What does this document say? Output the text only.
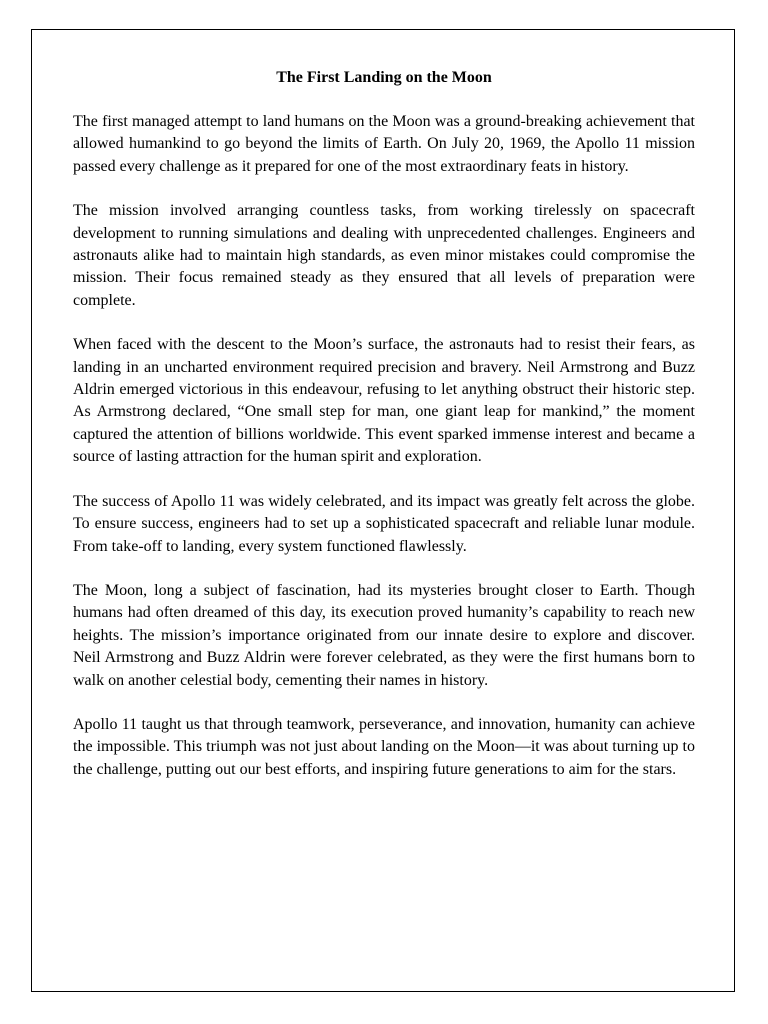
The First Landing on the Moon

The first managed attempt to land humans on the Moon was a ground-breaking achievement that allowed humankind to go beyond the limits of Earth. On July 20, 1969, the Apollo 11 mission passed every challenge as it prepared for one of the most extraordinary feats in history.

The mission involved arranging countless tasks, from working tirelessly on spacecraft development to running simulations and dealing with unprecedented challenges. Engineers and astronauts alike had to maintain high standards, as even minor mistakes could compromise the mission. Their focus remained steady as they ensured that all levels of preparation were complete.

When faced with the descent to the Moon’s surface, the astronauts had to resist their fears, as landing in an uncharted environment required precision and bravery. Neil Armstrong and Buzz Aldrin emerged victorious in this endeavour, refusing to let anything obstruct their historic step. As Armstrong declared, “One small step for man, one giant leap for mankind,” the moment captured the attention of billions worldwide. This event sparked immense interest and became a source of lasting attraction for the human spirit and exploration.

The success of Apollo 11 was widely celebrated, and its impact was greatly felt across the globe. To ensure success, engineers had to set up a sophisticated spacecraft and reliable lunar module. From take-off to landing, every system functioned flawlessly.

The Moon, long a subject of fascination, had its mysteries brought closer to Earth. Though humans had often dreamed of this day, its execution proved humanity’s capability to reach new heights. The mission’s importance originated from our innate desire to explore and discover. Neil Armstrong and Buzz Aldrin were forever celebrated, as they were the first humans born to walk on another celestial body, cementing their names in history.

Apollo 11 taught us that through teamwork, perseverance, and innovation, humanity can achieve the impossible. This triumph was not just about landing on the Moon—it was about turning up to the challenge, putting out our best efforts, and inspiring future generations to aim for the stars.
